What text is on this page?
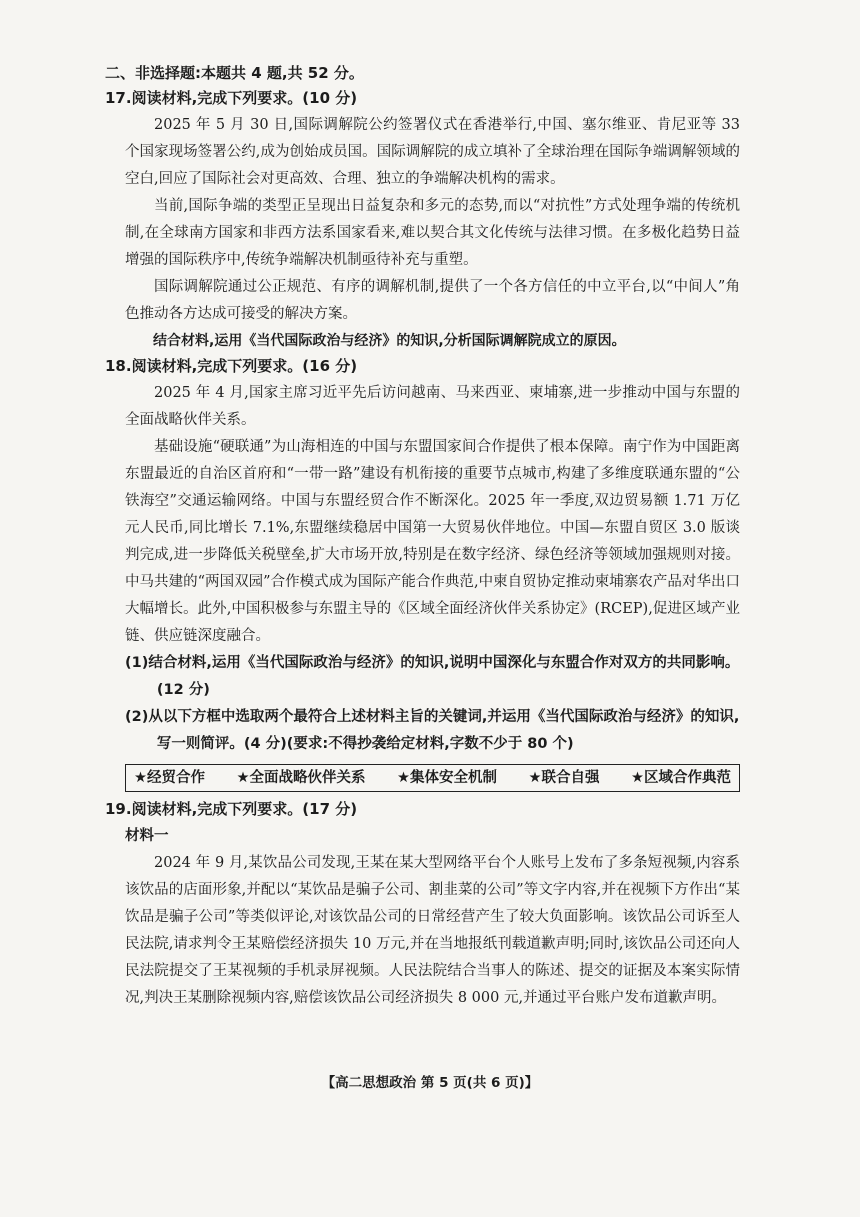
二、非选择题:本题共 4 题,共 52 分。

17.阅读材料,完成下列要求。(10 分)

2025 年 5 月 30 日,国际调解院公约签署仪式在香港举行,中国、塞尔维亚、肯尼亚等 33 个国家现场签署公约,成为创始成员国。国际调解院的成立填补了全球治理在国际争端调解领域的空白,回应了国际社会对更高效、合理、独立的争端解决机构的需求。

当前,国际争端的类型正呈现出日益复杂和多元的态势,而以“对抗性”方式处理争端的传统机制,在全球南方国家和非西方法系国家看来,难以契合其文化传统与法律习惯。在多极化趋势日益增强的国际秩序中,传统争端解决机制亟待补充与重塑。

国际调解院通过公正规范、有序的调解机制,提供了一个各方信任的中立平台,以“中间人”角色推动各方达成可接受的解决方案。

结合材料,运用《当代国际政治与经济》的知识,分析国际调解院成立的原因。

18.阅读材料,完成下列要求。(16 分)

2025 年 4 月,国家主席习近平先后访问越南、马来西亚、柬埔寨,进一步推动中国与东盟的全面战略伙伴关系。

基础设施“硬联通”为山海相连的中国与东盟国家间合作提供了根本保障。南宁作为中国距离东盟最近的自治区首府和“一带一路”建设有机衔接的重要节点城市,构建了多维度联通东盟的“公铁海空”交通运输网络。中国与东盟经贸合作不断深化。2025 年一季度,双边贸易额 1.71 万亿元人民币,同比增长 7.1%,东盟继续稳居中国第一大贸易伙伴地位。中国—东盟自贸区 3.0 版谈判完成,进一步降低关税壁垒,扩大市场开放,特别是在数字经济、绿色经济等领域加强规则对接。中马共建的“两国双园”合作模式成为国际产能合作典范,中柬自贸协定推动柬埔寨农产品对华出口大幅增长。此外,中国积极参与东盟主导的《区域全面经济伙伴关系协定》(RCEP),促进区域产业链、供应链深度融合。

(1)结合材料,运用《当代国际政治与经济》的知识,说明中国深化与东盟合作对双方的共同影响。(12 分)

(2)从以下方框中选取两个最符合上述材料主旨的关键词,并运用《当代国际政治与经济》的知识,写一则简评。(4 分)(要求:不得抄袭给定材料,字数不少于 80 个)

★经贸合作 ★全面战略伙伴关系 ★集体安全机制 ★联合自强 ★区域合作典范

19.阅读材料,完成下列要求。(17 分)

材料一

2024 年 9 月,某饮品公司发现,王某在某大型网络平台个人账号上发布了多条短视频,内容系该饮品的店面形象,并配以“某饮品是骗子公司、割韭菜的公司”等文字内容,并在视频下方作出“某饮品是骗子公司”等类似评论,对该饮品公司的日常经营产生了较大负面影响。该饮品公司诉至人民法院,请求判令王某赔偿经济损失 10 万元,并在当地报纸刊载道歉声明;同时,该饮品公司还向人民法院提交了王某视频的手机录屏视频。人民法院结合当事人的陈述、提交的证据及本案实际情况,判决王某删除视频内容,赔偿该饮品公司经济损失 8 000 元,并通过平台账户发布道歉声明。

【高二思想政治 第 5 页(共 6 页)】
